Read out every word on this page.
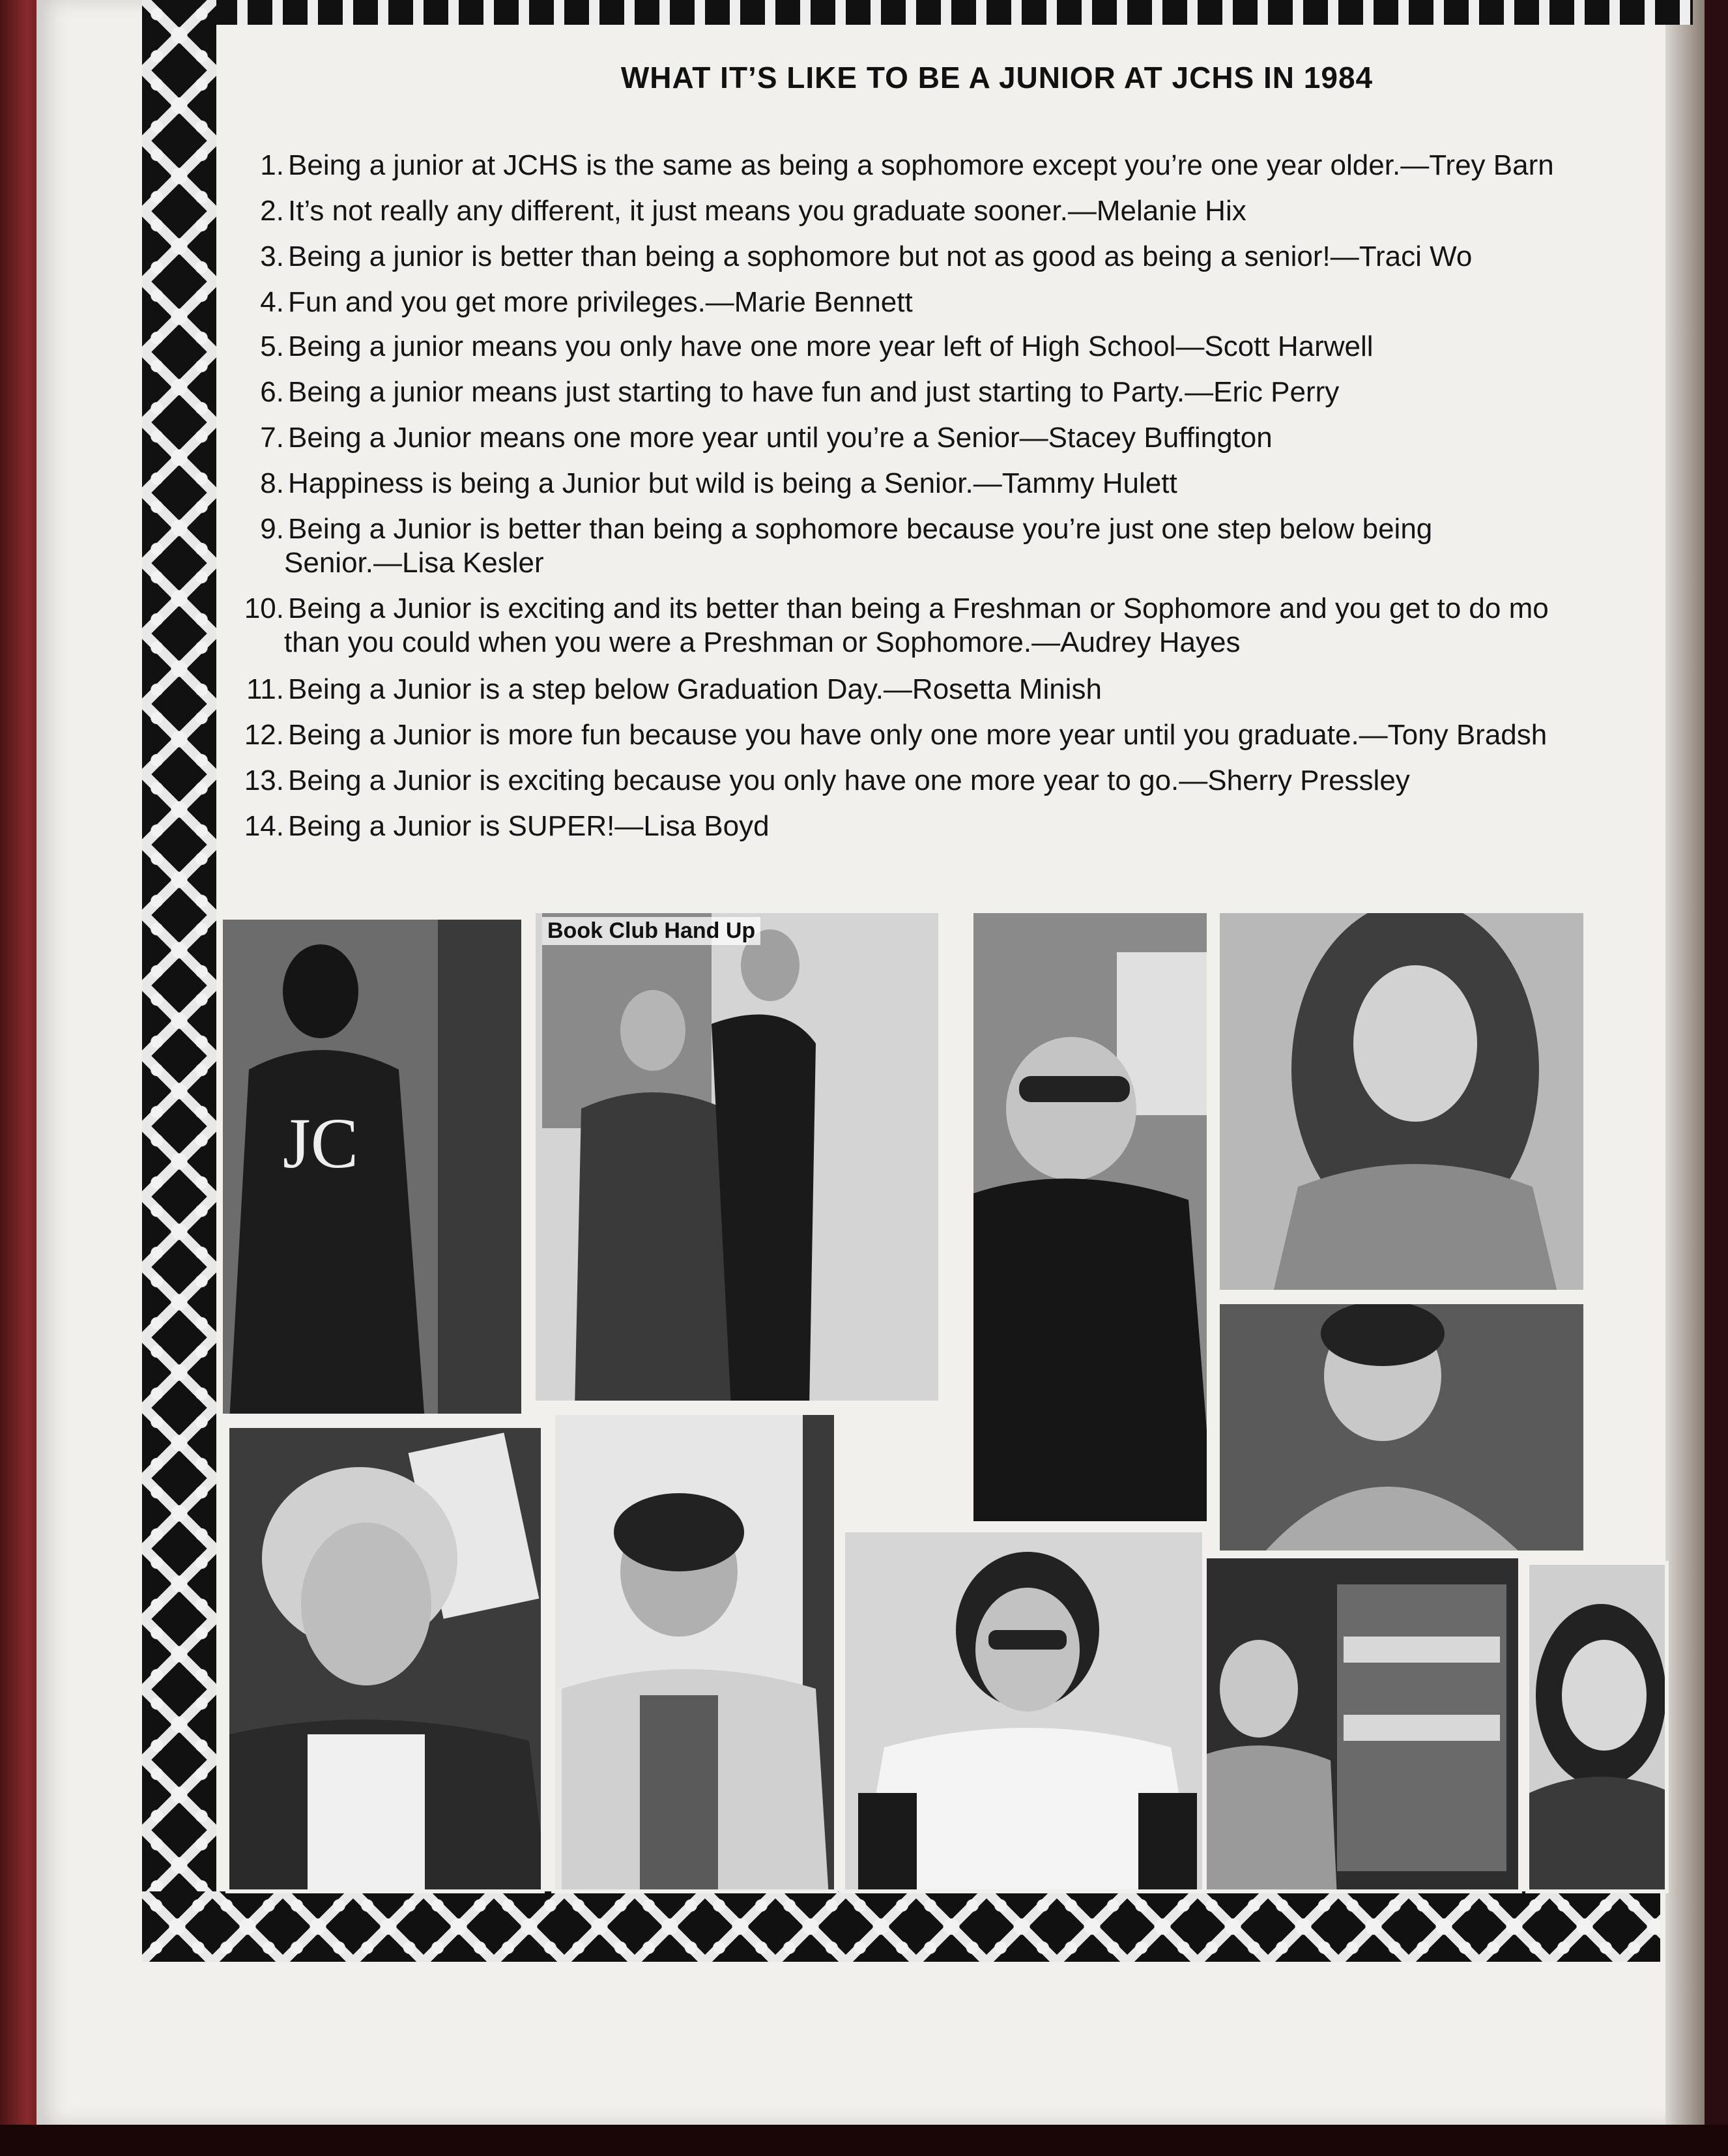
WHAT IT’S LIKE TO BE A JUNIOR AT JCHS IN 1984
1. Being a junior at JCHS is the same as being a sophomore except you’re one year older.—Trey Barn
2. It’s not really any different, it just means you graduate sooner.—Melanie Hix
3. Being a junior is better than being a sophomore but not as good as being a senior!—Traci Wo
4. Fun and you get more privileges.—Marie Bennett
5. Being a junior means you only have one more year left of High School—Scott Harwell
6. Being a junior means just starting to have fun and just starting to Party.—Eric Perry
7. Being a Junior means one more year until you’re a Senior—Stacey Buffington
8. Happiness is being a Junior but wild is being a Senior.—Tammy Hulett
9. Being a Junior is better than being a sophomore because you’re just one step below being
Senior.—Lisa Kesler
10. Being a Junior is exciting and its better than being a Freshman or Sophomore and you get to do mo
than you could when you were a Preshman or Sophomore.—Audrey Hayes
11. Being a Junior is a step below Graduation Day.—Rosetta Minish
12. Being a Junior is more fun because you have only one more year until you graduate.—Tony Bradsh
13. Being a Junior is exciting because you only have one more year to go.—Sherry Pressley
14. Being a Junior is SUPER!—Lisa Boyd
JC
Book Club Hand Up
